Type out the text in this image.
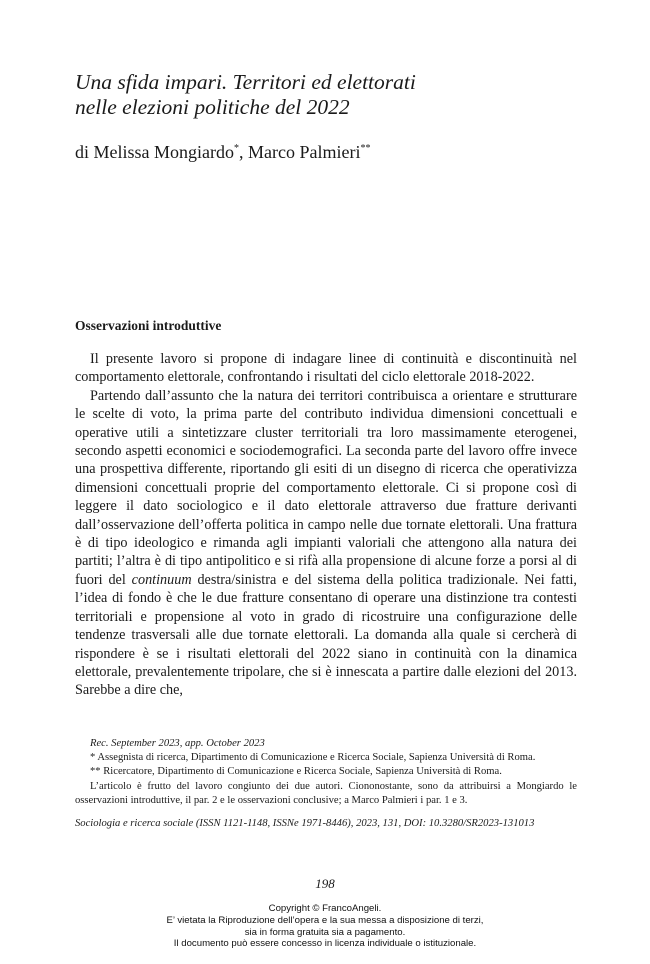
Una sfida impari. Territori ed elettorati
nelle elezioni politiche del 2022
di Melissa Mongiardo*, Marco Palmieri**
Osservazioni introduttive

Il presente lavoro si propone di indagare linee di continuità e discontinuità nel comportamento elettorale, confrontando i risultati del ciclo elettorale 2018-2022.

Partendo dall’assunto che la natura dei territori contribuisca a orientare e strutturare le scelte di voto, la prima parte del contributo individua dimensioni concettuali e operative utili a sintetizzare cluster territoriali tra loro massimamente eterogenei, secondo aspetti economici e sociodemografici. La seconda parte del lavoro offre invece una prospettiva differente, riportando gli esiti di un disegno di ricerca che operativizza dimensioni concettuali proprie del comportamento elettorale. Ci si propone così di leggere il dato sociologico e il dato elettorale attraverso due fratture derivanti dall’osservazione dell’offerta politica in campo nelle due tornate elettorali. Una frattura è di tipo ideologico e rimanda agli impianti valoriali che attengono alla natura dei partiti; l’altra è di tipo antipolitico e si rifà alla propensione di alcune forze a porsi al di fuori del continuum destra/sinistra e del sistema della politica tradizionale. Nei fatti, l’idea di fondo è che le due fratture consentano di operare una distinzione tra contesti territoriali e propensione al voto in grado di ricostruire una configurazione delle tendenze trasversali alle due tornate elettorali. La domanda alla quale si cercherà di rispondere è se i risultati elettorali del 2022 siano in continuità con la dinamica elettorale, prevalentemente tripolare, che si è innescata a partire dalle elezioni del 2013. Sarebbe a dire che,

Rec. September 2023, app. October 2023

* Assegnista di ricerca, Dipartimento di Comunicazione e Ricerca Sociale, Sapienza Università di Roma.

** Ricercatore, Dipartimento di Comunicazione e Ricerca Sociale, Sapienza Università di Roma.

L’articolo è frutto del lavoro congiunto dei due autori. Ciononostante, sono da attribuirsi a Mongiardo le osservazioni introduttive, il par. 2 e le osservazioni conclusive; a Marco Palmieri i par. 1 e 3.

Sociologia e ricerca sociale (ISSN 1121-1148, ISSNe 1971-8446), 2023, 131, DOI: 10.3280/SR2023-131013

198
Copyright © FrancoAngeli.
E’ vietata la Riproduzione dell’opera e la sua messa a disposizione di terzi,
sia in forma gratuita sia a pagamento.
Il documento può essere concesso in licenza individuale o istituzionale.
